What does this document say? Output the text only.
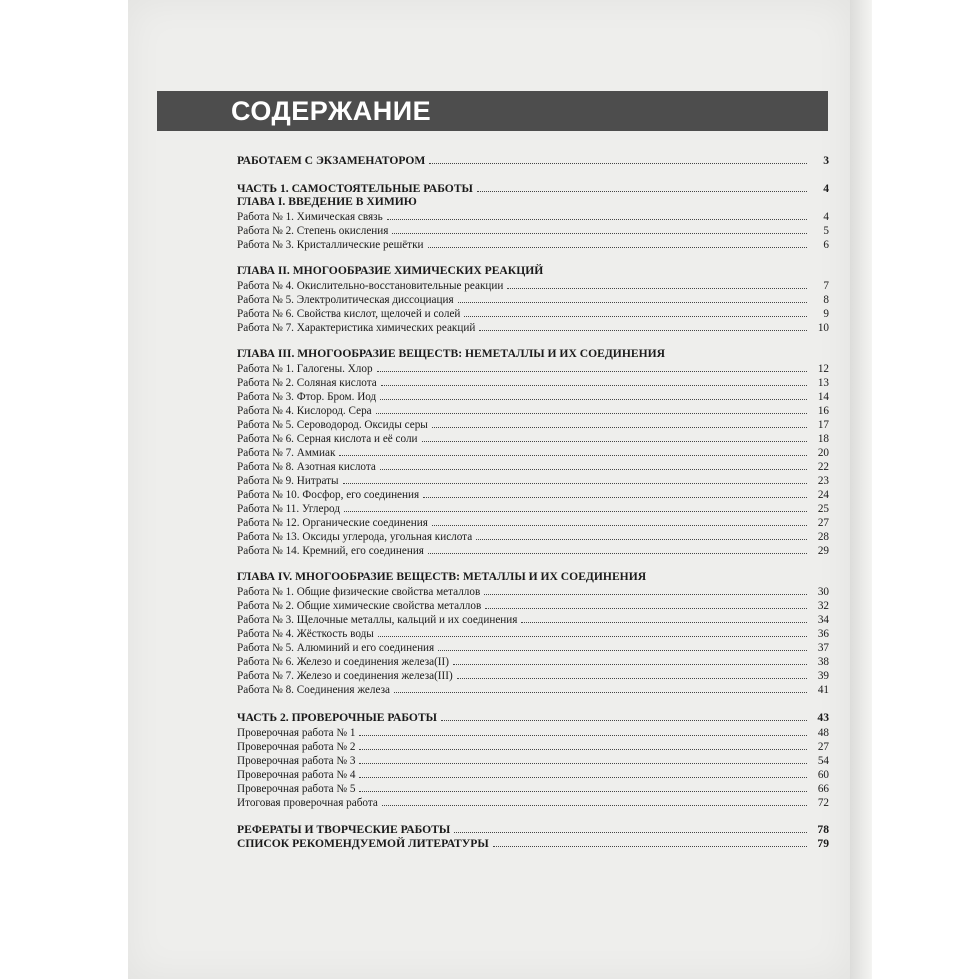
СОДЕРЖАНИЕ
РАБОТАЕМ С ЭКЗАМЕНАТОРОМ	3
ЧАСТЬ 1. САМОСТОЯТЕЛЬНЫЕ РАБОТЫ	4
ГЛАВА I. ВВЕДЕНИЕ В ХИМИЮ
Работа № 1. Химическая связь	4
Работа № 2. Степень окисления	5
Работа № 3. Кристаллические решётки	6
ГЛАВА II. МНОГООБРАЗИЕ ХИМИЧЕСКИХ РЕАКЦИЙ
Работа № 4. Окислительно-восстановительные реакции	7
Работа № 5. Электролитическая диссоциация	8
Работа № 6. Свойства кислот, щелочей и солей	9
Работа № 7. Характеристика химических реакций	10
ГЛАВА III. МНОГООБРАЗИЕ ВЕЩЕСТВ: НЕМЕТАЛЛЫ И ИХ СОЕДИНЕНИЯ
Работа № 1. Галогены. Хлор	12
Работа № 2. Соляная кислота	13
Работа № 3. Фтор. Бром. Иод	14
Работа № 4. Кислород. Сера	16
Работа № 5. Сероводород. Оксиды серы	17
Работа № 6. Серная кислота и её соли	18
Работа № 7. Аммиак	20
Работа № 8. Азотная кислота	22
Работа № 9. Нитраты	23
Работа № 10. Фосфор, его соединения	24
Работа № 11. Углерод	25
Работа № 12. Органические соединения	27
Работа № 13. Оксиды углерода, угольная кислота	28
Работа № 14. Кремний, его соединения	29
ГЛАВА IV. МНОГООБРАЗИЕ ВЕЩЕСТВ: МЕТАЛЛЫ И ИХ СОЕДИНЕНИЯ
Работа № 1. Общие физические свойства металлов	30
Работа № 2. Общие химические свойства металлов	32
Работа № 3. Щелочные металлы, кальций и их соединения	34
Работа № 4. Жёсткость воды	36
Работа № 5. Алюминий и его соединения	37
Работа № 6. Железо и соединения железа(II)	38
Работа № 7. Железо и соединения железа(III)	39
Работа № 8. Соединения железа	41
ЧАСТЬ 2. ПРОВЕРОЧНЫЕ РАБОТЫ	43
Проверочная работа № 1	48
Проверочная работа № 2	27
Проверочная работа № 3	54
Проверочная работа № 4	60
Проверочная работа № 5	66
Итоговая проверочная работа	72
РЕФЕРАТЫ И ТВОРЧЕСКИЕ РАБОТЫ	78
СПИСОК РЕКОМЕНДУЕМОЙ ЛИТЕРАТУРЫ	79
